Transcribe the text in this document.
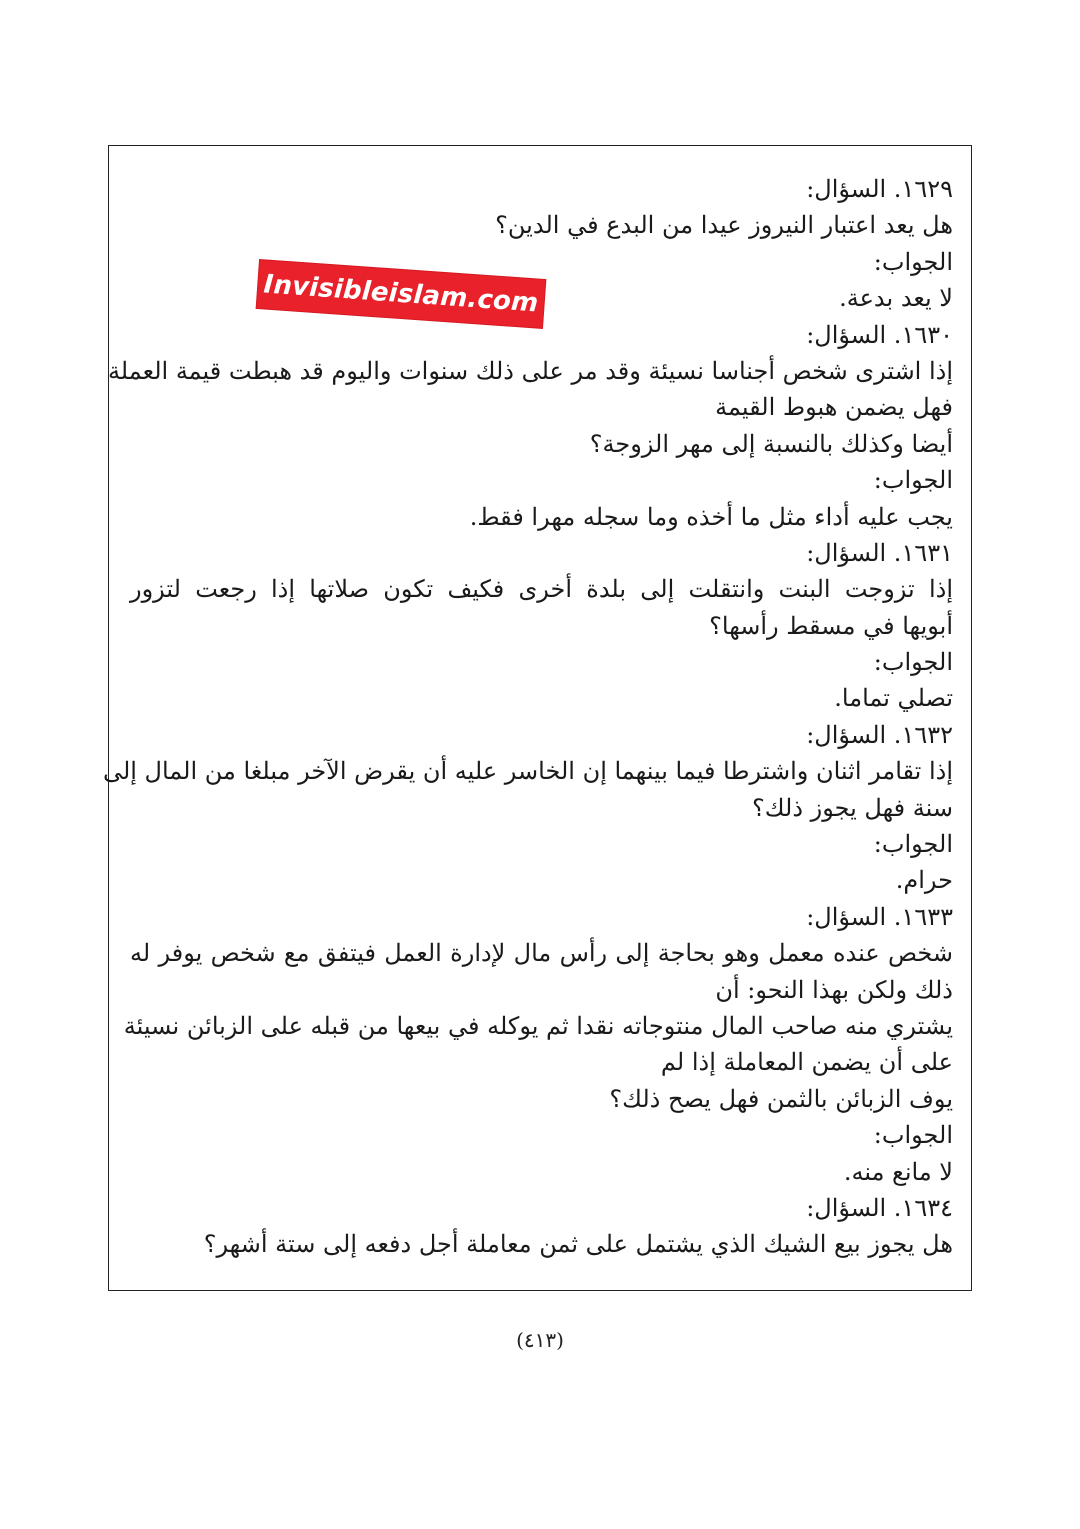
١٦٢٩. السؤال:
هل يعد اعتبار النيروز عيدا من البدع في الدين؟
الجواب:
لا يعد بدعة.
١٦٣٠. السؤال:
إذا اشترى شخص أجناسا نسيئة وقد مر على ذلك سنوات واليوم قد هبطت قيمة العملة
فهل يضمن هبوط القيمة
أيضا وكذلك بالنسبة إلى مهر الزوجة؟
الجواب:
يجب عليه أداء مثل ما أخذه وما سجله مهرا فقط.
١٦٣١. السؤال:
إذا تزوجت البنت وانتقلت إلى بلدة أخرى فكيف تكون صلاتها إذا رجعت لتزور
أبويها في مسقط رأسها؟
الجواب:
تصلي تماما.
١٦٣٢. السؤال:
إذا تقامر اثنان واشترطا فيما بينهما إن الخاسر عليه أن يقرض الآخر مبلغا من المال إلى
سنة فهل يجوز ذلك؟
الجواب:
حرام.
١٦٣٣. السؤال:
شخص عنده معمل وهو بحاجة إلى رأس مال لإدارة العمل فيتفق مع شخص يوفر له
ذلك ولكن بهذا النحو: أن
يشتري منه صاحب المال منتوجاته نقدا ثم يوكله في بيعها من قبله على الزبائن نسيئة
على أن يضمن المعاملة إذا لم
يوف الزبائن بالثمن فهل يصح ذلك؟
الجواب:
لا مانع منه.
١٦٣٤. السؤال:
هل يجوز بيع الشيك الذي يشتمل على ثمن معاملة أجل دفعه إلى ستة أشهر؟
Invisibleislam.com
(٤١٣)
